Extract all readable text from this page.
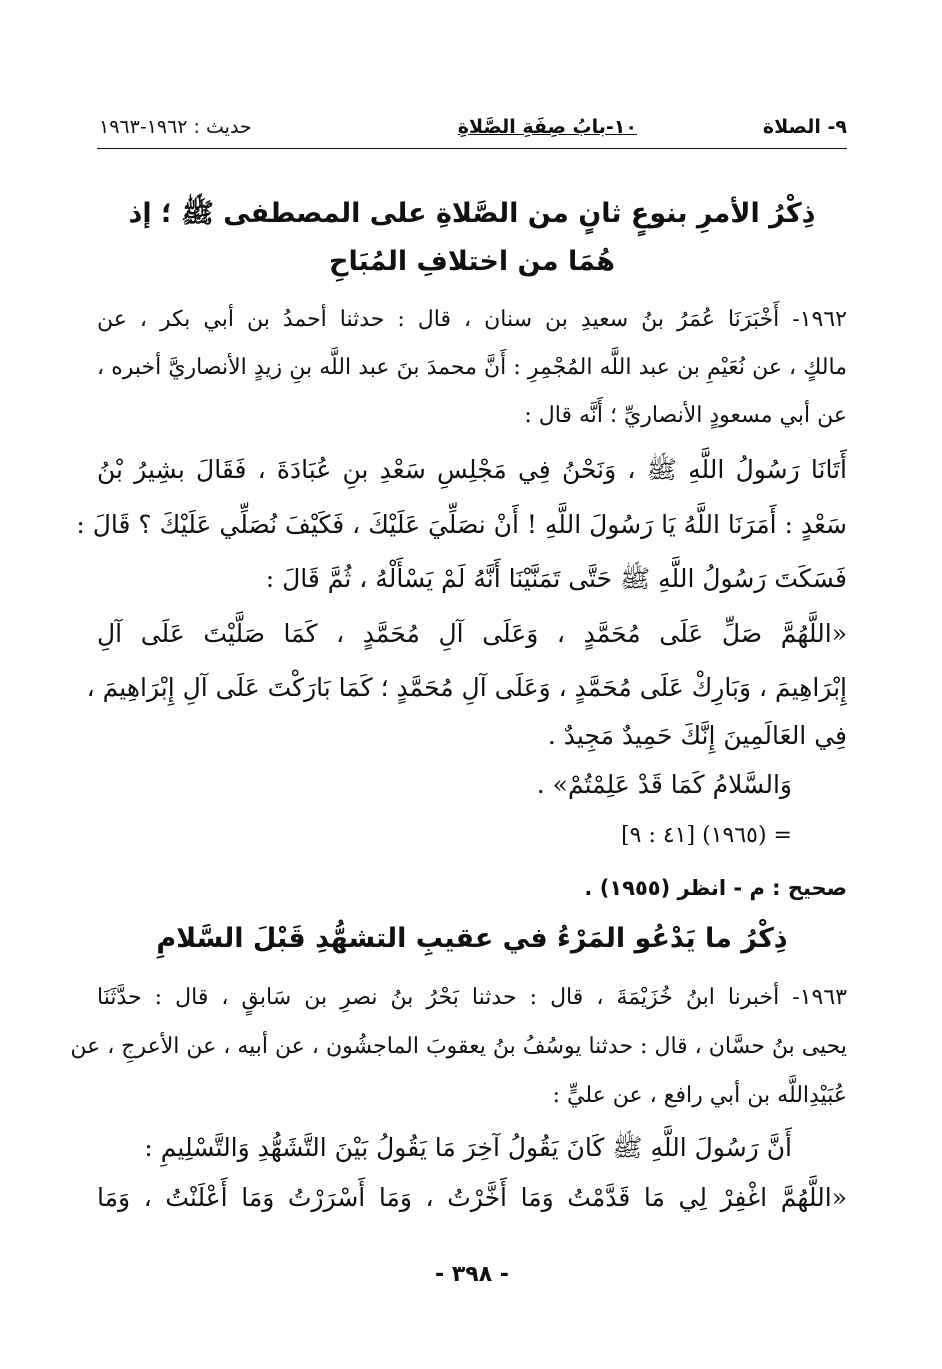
٩- الصلاة
١٠-بابُ صِفَةِ الصَّلاةِ
حديث : ١٩٦٢-١٩٦٣
ذِكْرُ الأمرِ بنوعٍ ثانٍ من الصَّلاةِ على المصطفى ﷺ ؛ إذ
هُمَا من اختلافِ المُبَاحِ
١٩٦٢- أَخْبَرَنَا عُمَرُ بنُ سعيدِ بن سنان ، قال : حدثنا أحمدُ بن أبي بكر ، عن
مالكٍ ، عن نُعَيْمِ بن عبد اللَّه المُجْمِرِ : أَنَّ محمدَ بنَ عبد اللَّه بنِ زيدٍ الأنصاريَّ أخبره ،
عن أبي مسعودٍ الأنصاريِّ ؛ أَنَّه قال :
أَتَانَا رَسُولُ اللَّهِ ﷺ ، وَنَحْنُ فِي مَجْلِسِ سَعْدِ بنِ عُبَادَةَ ، فَقَالَ بشِيرُ بْنُ
سَعْدٍ : أَمَرَنَا اللَّهُ يَا رَسُولَ اللَّهِ ! أَنْ نصَلِّيَ عَلَيْكَ ، فَكَيْفَ نُصَلِّي عَلَيْكَ ؟ قَالَ :
فَسَكَتَ رَسُولُ اللَّهِ ﷺ حَتَّى تَمَنَّيْنَا أَنَّهُ لَمْ يَسْأَلْهُ ، ثُمَّ قَالَ :
«اللَّهُمَّ صَلِّ عَلَى مُحَمَّدٍ ، وَعَلَى آلِ مُحَمَّدٍ ، كَمَا صَلَّيْتَ عَلَى آلِ
إِبْرَاهِيمَ ، وَبَارِكْ عَلَى مُحَمَّدٍ ، وَعَلَى آلِ مُحَمَّدٍ ؛ كَمَا بَارَكْتَ عَلَى آلِ إِبْرَاهِيمَ ،
فِي العَالَمِينَ إِنَّكَ حَمِيدٌ مَجِيدٌ .
وَالسَّلامُ كَمَا قَدْ عَلِمْتُمْ» .
= (١٩٦٥) [٤١ : ٩]
صحيح : م - انظر (١٩٥٥) .
ذِكْرُ ما يَدْعُو المَرْءُ في عقيبِ التشهُّدِ قَبْلَ السَّلامِ
١٩٦٣- أخبرنا ابنُ خُزَيْمَةَ ، قال : حدثنا بَحْرُ بنُ نصرِ بن سَابقٍ ، قال : حدَّثَنَا
يحيى بنُ حسَّان ، قال : حدثنا يوسُفُ بنُ يعقوبَ الماجشُون ، عن أبيه ، عن الأعرجِ ، عن
عُبَيْدِاللَّه بن أبي رافع ، عن عليٍّ :
أَنَّ رَسُولَ اللَّهِ ﷺ كَانَ يَقُولُ آخِرَ مَا يَقُولُ بَيْنَ التَّشَهُّدِ وَالتَّسْلِيمِ :
«اللَّهُمَّ اغْفِرْ لِي مَا قَدَّمْتُ وَمَا أَخَّرْتُ ، وَمَا أَسْرَرْتُ وَمَا أَعْلَنْتُ ، وَمَا
- ٣٩٨ -
